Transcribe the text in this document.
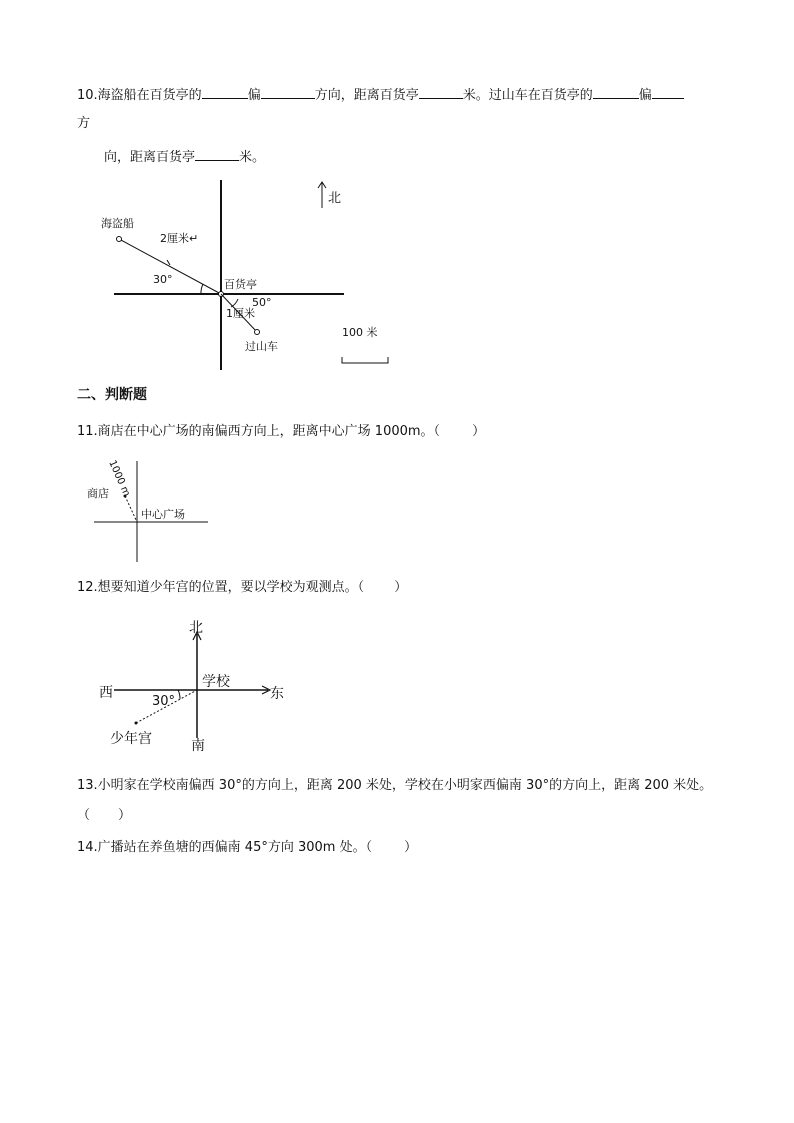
10.海盗船在百货亭的	偏	方向，距离百货亭	米。过山车在百货亭的	偏
方
向，距离百货亭	米。
北
海盗船
2厘米↵
30°	百货亭
50°
1厘米
过山车
100 米
二、判断题
11.商店在中心广场的南偏西方向上，距离中心广场 1000m。（ ）
1000 m
商店
中心广场
12.想要知道少年宫的位置，要以学校为观测点。（ ）
北
南
西	东
学校
30°
少年宫
13.小明家在学校南偏西 30°的方向上，距离 200 米处，学校在小明家西偏南 30°的方向上，距离 200 米处。
（ ）
14.广播站在养鱼塘的西偏南 45°方向 300m 处。（ ）
